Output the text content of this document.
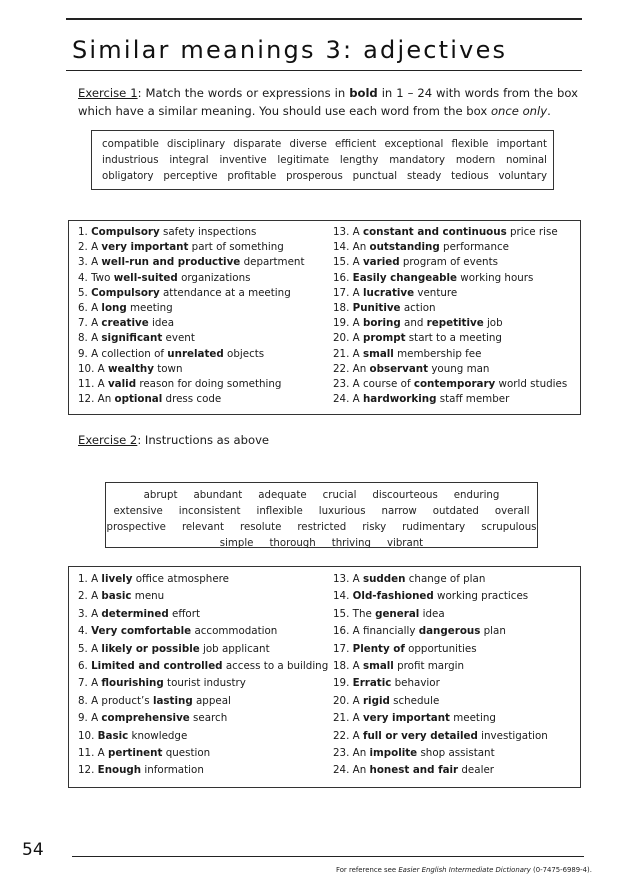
Similar meanings 3: adjectives
Exercise 1: Match the words or expressions in bold in 1 – 24 with words from the box which have a similar meaning. You should use each word from the box once only.
compatible disciplinary disparate diverse efficient exceptional flexible important
industrious integral inventive legitimate lengthy mandatory modern nominal
obligatory perceptive profitable prosperous punctual steady tedious voluntary
1. Compulsory safety inspections
2. A very important part of something
3. A well-run and productive department
4. Two well-suited organizations
5. Compulsory attendance at a meeting
6. A long meeting
7. A creative idea
8. A significant event
9. A collection of unrelated objects
10. A wealthy town
11. A valid reason for doing something
12. An optional dress code
13. A constant and continuous price rise
14. An outstanding performance
15. A varied program of events
16. Easily changeable working hours
17. A lucrative venture
18. Punitive action
19. A boring and repetitive job
20. A prompt start to a meeting
21. A small membership fee
22. An observant young man
23. A course of contemporary world studies
24. A hardworking staff member
Exercise 2: Instructions as above
abrupt abundant adequate crucial discourteous enduring
extensive inconsistent inflexible luxurious narrow outdated overall
prospective relevant resolute restricted risky rudimentary scrupulous
simple thorough thriving vibrant
1. A lively office atmosphere
2. A basic menu
3. A determined effort
4. Very comfortable accommodation
5. A likely or possible job applicant
6. Limited and controlled access to a building
7. A flourishing tourist industry
8. A product’s lasting appeal
9. A comprehensive search
10. Basic knowledge
11. A pertinent question
12. Enough information
13. A sudden change of plan
14. Old-fashioned working practices
15. The general idea
16. A financially dangerous plan
17. Plenty of opportunities
18. A small profit margin
19. Erratic behavior
20. A rigid schedule
21. A very important meeting
22. A full or very detailed investigation
23. An impolite shop assistant
24. An honest and fair dealer
54
For reference see Easier English Intermediate Dictionary (0-7475-6989-4).
